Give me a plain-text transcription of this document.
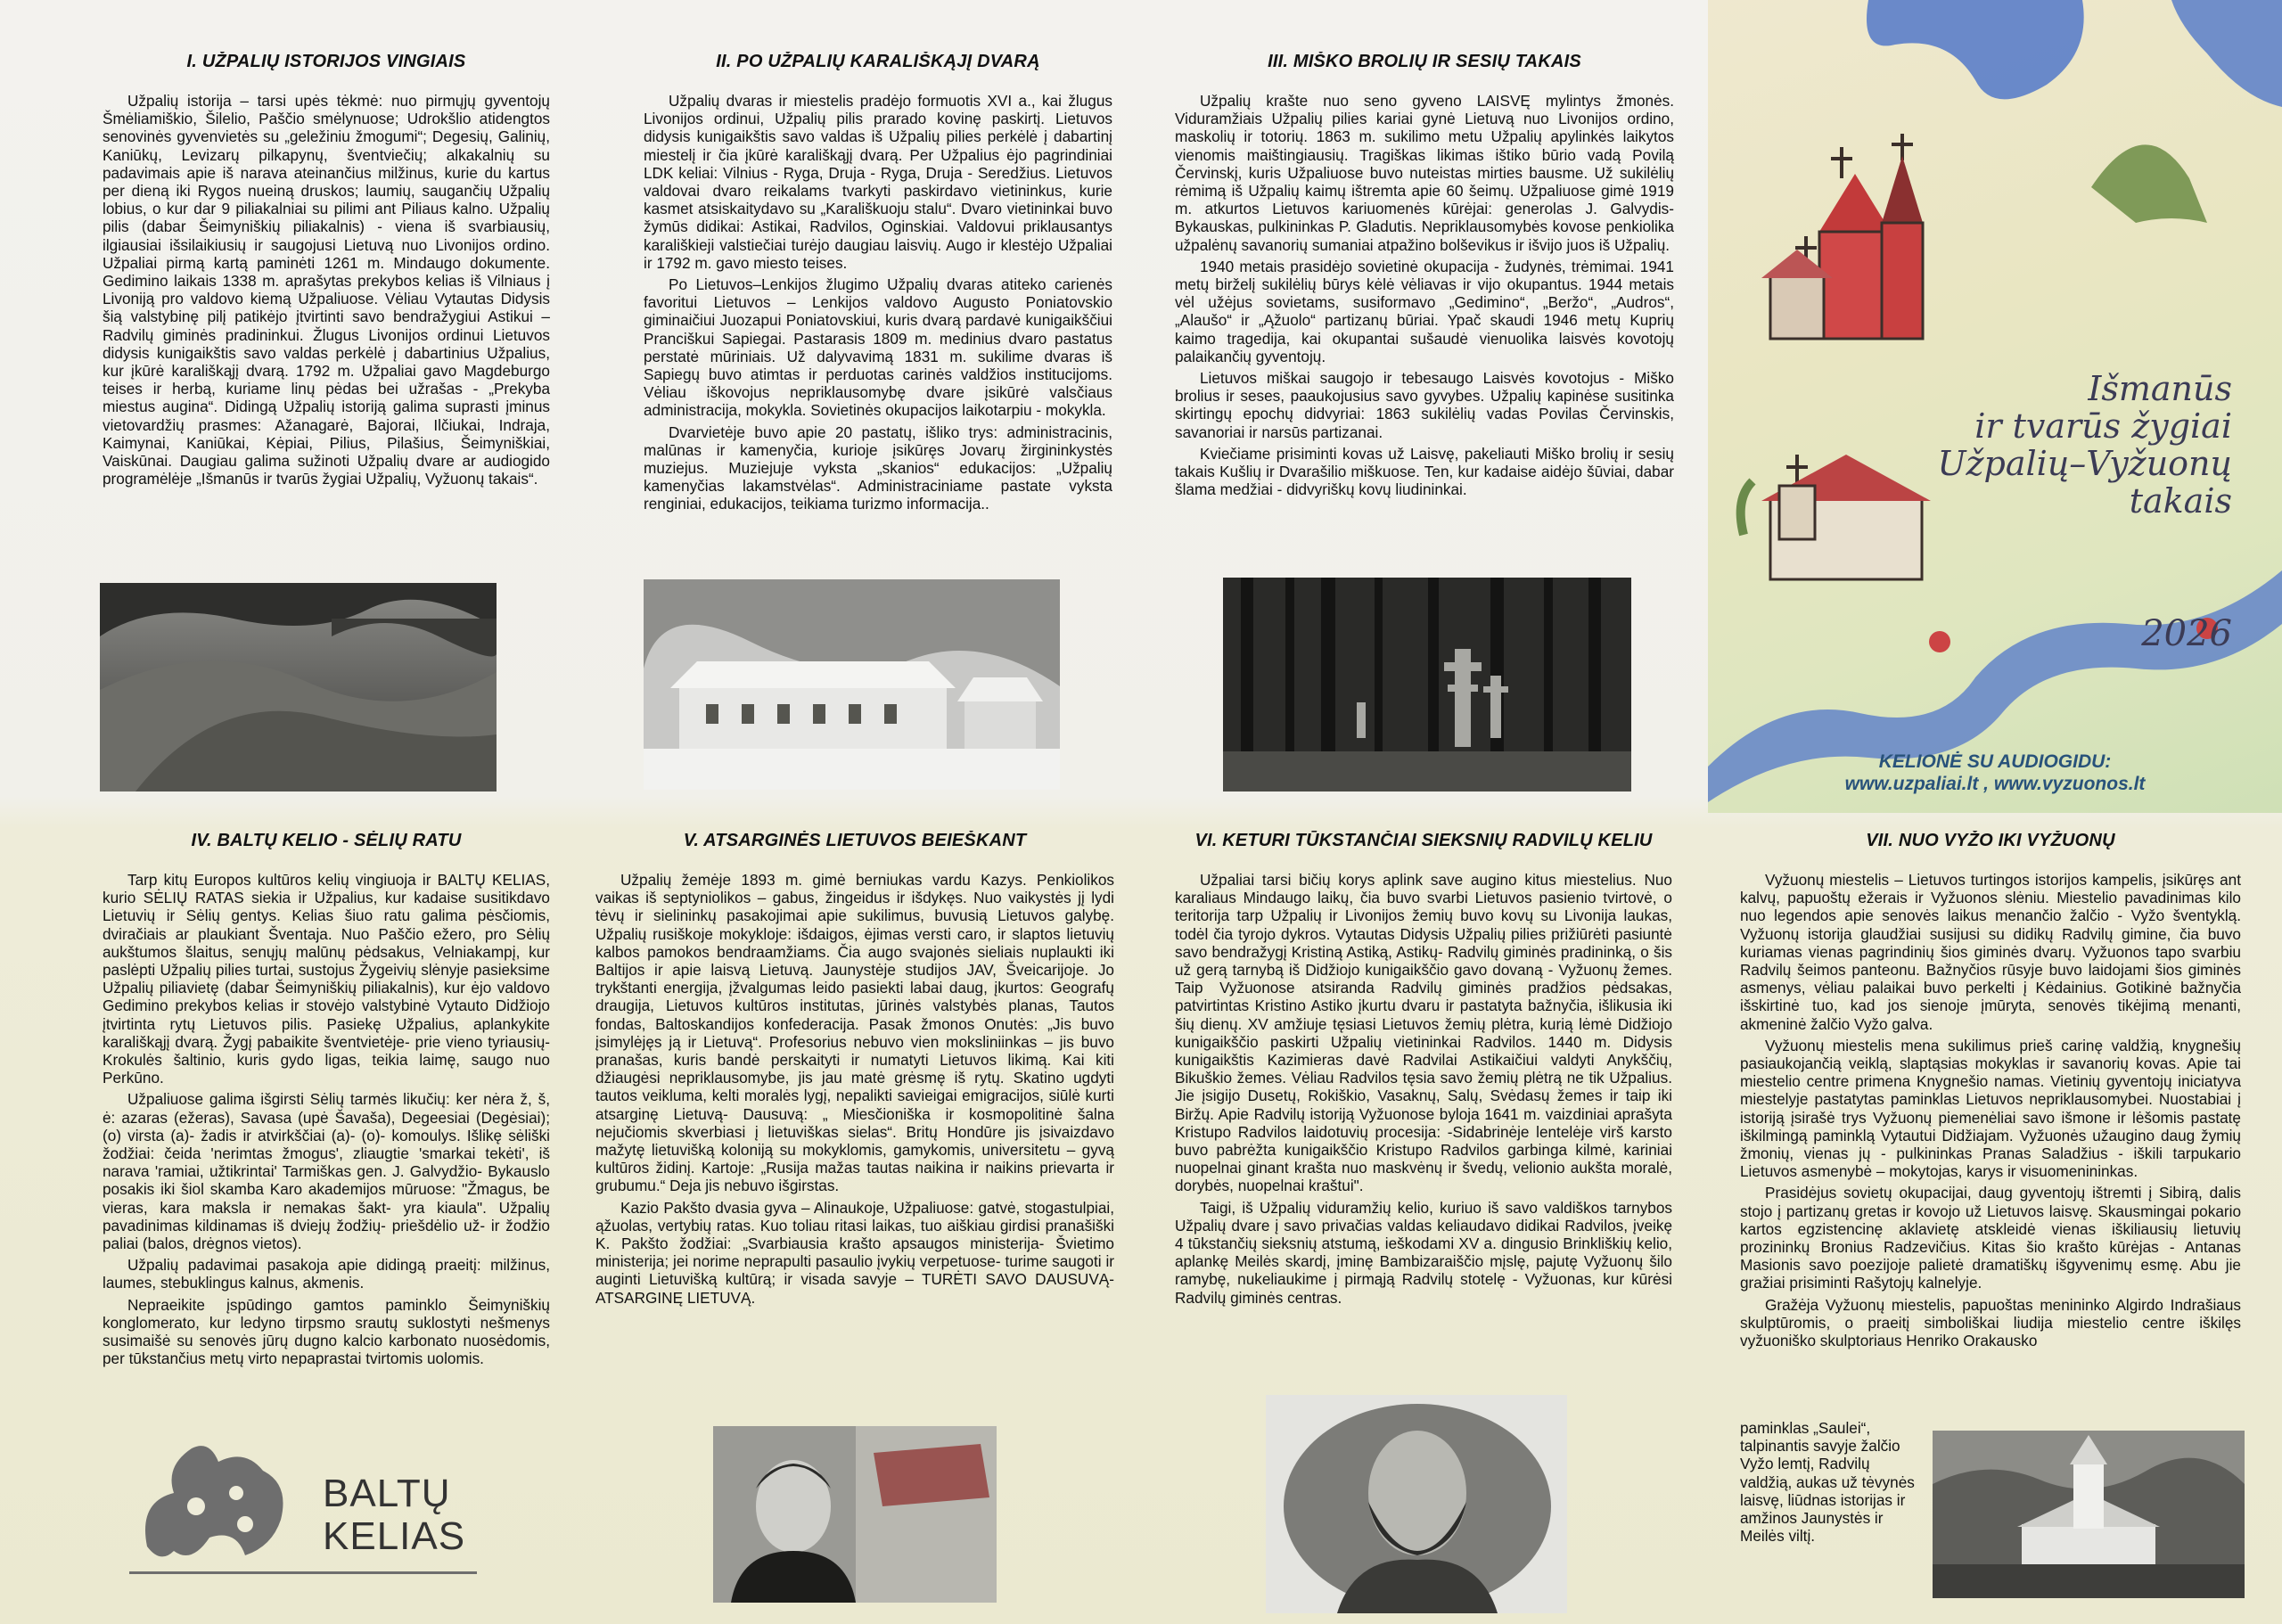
I. UŽPALIŲ ISTORIJOS VINGIAIS

Užpalių istorija – tarsi upės tėkmė: nuo pirmųjų gyventojų Šmėliamiškio, Šilelio, Paščio smėlynuose; Udrokšlio atidengtos senovinės gyvenvietės su „geležiniu žmogumi“; Degesių, Galinių, Kaniūkų, Levizarų pilkapynų, šventviečių; alkakalnių su padavimais apie iš narava ateinančius milžinus, kurie du kartus per dieną iki Rygos nueiną druskos; laumių, saugančių Užpalių lobius, o kur dar 9 piliakalniai su pilimi ant Piliaus kalno. Užpalių pilis (dabar Šeimyniškių piliakalnis) - viena iš svarbiausių, ilgiausiai išsilaikiusių ir saugojusi Lietuvą nuo Livonijos ordino. Užpaliai pirmą kartą paminėti 1261 m. Mindaugo dokumente. Gedimino laikais 1338 m. aprašytas prekybos kelias iš Vilniaus į Livoniją pro valdovo kiemą Užpaliuose. Vėliau Vytautas Didysis šią valstybinę pilį patikėjo įtvirtinti savo bendražygiui Astikui – Radvilų giminės pradininkui. Žlugus Livonijos ordinui Lietuvos didysis kunigaikštis savo valdas perkėlė į dabartinius Užpalius, kur įkūrė karališkąjį dvarą. 1792 m. Užpaliai gavo Magdeburgo teises ir herbą, kuriame linų pėdas bei užrašas - „Prekyba miestus augina“. Didingą Užpalių istoriją galima suprasti įminus vietovardžių prasmes: Ažanagarė, Bajorai, Ilčiukai, Indraja, Kaimynai, Kaniūkai, Kėpiai, Pilius, Pilašius, Šeimyniškiai, Vaiskūnai. Daugiau galima sužinoti Užpalių dvare ar audiogido programėlėje „Išmanūs ir tvarūs žygiai Užpalių, Vyžuonų takais“.

II. PO UŽPALIŲ KARALIŠKĄJĮ DVARĄ

Užpalių dvaras ir miestelis pradėjo formuotis XVI a., kai žlugus Livonijos ordinui, Užpalių pilis prarado kovinę paskirtį. Lietuvos didysis kunigaikštis savo valdas iš Užpalių pilies perkėlė į dabartinį miestelį ir čia įkūrė karališkąjį dvarą. Per Užpalius ėjo pagrindiniai LDK keliai: Vilnius - Ryga, Druja - Ryga, Druja - Seredžius. Lietuvos valdovai dvaro reikalams tvarkyti paskirdavo vietininkus, kurie kasmet atsiskaitydavo su „Karališkuoju stalu“. Dvaro vietininkai buvo žymūs didikai: Astikai, Radvilos, Oginskiai. Valdovui priklausantys karališkieji valstiečiai turėjo daugiau laisvių. Augo ir klestėjo Užpaliai ir 1792 m. gavo miesto teises.

Po Lietuvos–Lenkijos žlugimo Užpalių dvaras atiteko carienės favoritui Lietuvos – Lenkijos valdovo Augusto Poniatovskio giminaičiui Juozapui Poniatovskiui, kuris dvarą pardavė kunigaikščiui Pranciškui Sapiegai. Pastarasis 1809 m. medinius dvaro pastatus perstatė mūriniais. Už dalyvavimą 1831 m. sukilime dvaras iš Sapiegų buvo atimtas ir perduotas carinės valdžios institucijoms. Vėliau iškovojus nepriklausomybę dvare įsikūrė valsčiaus administracija, mokykla. Sovietinės okupacijos laikotarpiu - mokykla.

Dvarvietėje buvo apie 20 pastatų, išliko trys: administracinis, malūnas ir kamenyčia, kurioje įsikūręs Jovarų žirgininkystės muziejus. Muziejuje vyksta „skanios“ edukacijos: „Užpalių kamenyčias lakamstvėlas“. Administraciniame pastate vyksta renginiai, edukacijos, teikiama turizmo informacija..

III. MIŠKO BROLIŲ IR SESIŲ TAKAIS

Užpalių krašte nuo seno gyveno LAISVĘ mylintys žmonės. Viduramžiais Užpalių pilies kariai gynė Lietuvą nuo Livonijos ordino, maskolių ir totorių. 1863 m. sukilimo metu Užpalių apylinkės laikytos vienomis maištingiausių. Tragiškas likimas ištiko būrio vadą Povilą Červinskį, kuris Užpaliuose buvo nuteistas mirties bausme. Už sukilėlių rėmimą iš Užpalių kaimų ištremta apie 60 šeimų. Užpaliuose gimė 1919 m. atkurtos Lietuvos kariuomenės kūrėjai: generolas J. Galvydis-Bykauskas, pulkininkas P. Gladutis. Nepriklausomybės kovose penkiolika užpalėnų savanorių sumaniai atpažino bolševikus ir išvijo juos iš Užpalių.

1940 metais prasidėjo sovietinė okupacija - žudynės, trėmimai. 1941 metų birželį sukilėlių būrys kėlė vėliavas ir vijo okupantus. 1944 metais vėl užėjus sovietams, susiformavo „Gedimino“, „Beržo“, „Audros“, „Alaušo“ ir „Ąžuolo“ partizanų būriai. Ypač skaudi 1946 metų Kuprių kaimo tragedija, kai okupantai sušaudė vienuolika laisvės kovotojų palaikančių gyventojų.

Lietuvos miškai saugojo ir tebesaugo Laisvės kovotojus - Miško brolius ir seses, paaukojusius savo gyvybes. Užpalių kapinėse susitinka skirtingų epochų didvyriai: 1863 sukilėlių vadas Povilas Červinskis, savanoriai ir narsūs partizanai.

Kviečiame prisiminti kovas už Laisvę, pakeliauti Miško brolių ir sesių takais Kušlių ir Dvarašilio miškuose. Ten, kur kadaise aidėjo šūviai, dabar šlama medžiai - didvyriškų kovų liudininkai.

Išmanūs
ir tvarūs žygiai
Užpalių–Vyžuonų
takais
2026
KELIONĖ SU AUDIOGIDU:
www.uzpaliai.lt , www.vyzuonos.lt
IV. BALTŲ KELIO - SĖLIŲ RATU

Tarp kitų Europos kultūros kelių vingiuoja ir BALTŲ KELIAS, kurio SĖLIŲ RATAS siekia ir Užpalius, kur kadaise susitikdavo Lietuvių ir Sėlių gentys. Kelias šiuo ratu galima pėsčiomis, dviračiais ar plaukiant Šventaja. Nuo Paščio ežero, pro Sėlių aukštumos šlaitus, senųjų malūnų pėdsakus, Velniakampį, kur paslėpti Užpalių pilies turtai, sustojus Žygeivių slėnyje pasieksime Užpalių piliavietę (dabar Šeimyniškių piliakalnis), kur ėjo valdovo Gedimino prekybos kelias ir stovėjo valstybinė Vytauto Didžiojo įtvirtinta rytų Lietuvos pilis. Pasiekę Užpalius, aplankykite karališkąjį dvarą. Žygį pabaikite šventvietėje- prie vieno tyriausių- Krokulės šaltinio, kuris gydo ligas, teikia laimę, saugo nuo Perkūno.

Užpaliuose galima išgirsti Sėlių tarmės likučių: ker nėra ž, š, ė: azaras (ežeras), Savasa (upė Šavaša), Degeesiai (Degėsiai); (o) virsta (a)- žadis ir atvirkščiai (a)- (o)- komoulys. Išlikę sėliški žodžiai: čeida 'nerimtas žmogus', zliaugtie 'smarkai tekėti', iš narava 'ramiai, užtikrintai' Tarmiškas gen. J. Galvydžio- Bykauslo posakis iki šiol skamba Karo akademijos mūruose: "Žmagus, be vieras, kara maksla ir nemakas šakt- yra kiaula". Užpalių pavadinimas kildinamas iš dviejų žodžių- priešdėlio už- ir žodžio paliai (balos, drėgnos vietos).

Užpalių padavimai pasakoja apie didingą praeitį: milžinus, laumes, stebuklingus kalnus, akmenis.

Nepraeikite įspūdingo gamtos paminklo Šeimyniškių konglomerato, kur ledyno tirpsmo srautų suklostyti nešmenys susimaišė su senovės jūrų dugno kalcio karbonato nuosėdomis, per tūkstančius metų virto nepaprastai tvirtomis uolomis.

BALTŲ
KELIAS
V. ATSARGINĖS LIETUVOS BEIEŠKANT

Užpalių žemėje 1893 m. gimė berniukas vardu Kazys. Penkiolikos vaikas iš septyniolikos – gabus, žingeidus ir išdykęs. Nuo vaikystės jį lydi tėvų ir sielininkų pasakojimai apie sukilimus, buvusią Lietuvos galybę. Užpalių rusiškoje mokykloje: išdaigos, ėjimas versti caro, ir slaptos lietuvių kalbos pamokos bendraamžiams. Čia augo svajonės sieliais nuplaukti iki Baltijos ir apie laisvą Lietuvą. Jaunystėje studijos JAV, Šveicarijoje. Jo trykštanti energija, įžvalgumas leido pasiekti labai daug, įkurtos: Geografų draugija, Lietuvos kultūros institutas, jūrinės valstybės planas, Tautos fondas, Baltoskandijos konfederacija. Pasak žmonos Onutės: „Jis buvo įsimylėjęs ją ir Lietuvą“. Profesorius nebuvo vien moksliniinkas – jis buvo pranašas, kuris bandė perskaityti ir numatyti Lietuvos likimą. Kai kiti džiaugėsi nepriklausomybe, jis jau matė grėsmę iš rytų. Skatino ugdyti tautos veikluma, kelti moralės lygį, nepalikti savieigai emigracijos, siūlė kurti atsarginę Lietuvą- Dausuvą: „ Miesčioniška ir kosmopolitinė šalna nejučiomis skverbiasi į lietuviškas sielas“. Britų Hondūre jis įsivaizdavo mažytę lietuvišką koloniją su mokyklomis, gamykomis, universitetu – gyvą kultūros židinį. Kartoje: „Rusija mažas tautas naikina ir naikins prievarta ir grubumu.“ Deja jis nebuvo išgirstas.

Kazio Pakšto dvasia gyva – Alinaukoje, Užpaliuose: gatvė, stogastulpiai, ąžuolas, vertybių ratas. Kuo toliau ritasi laikas, tuo aiškiau girdisi pranašiški K. Pakšto žodžiai: „Svarbiausia krašto apsaugos ministerija- Švietimo ministerija; jei norime neprapulti pasaulio įvykių verpetuose- turime saugoti ir auginti Lietuvišką kultūrą; ir visada savyje – TURĖTI SAVO DAUSUVĄ- ATSARGINĘ LIETUVĄ.

VI. KETURI TŪKSTANČIAI SIEKSNIŲ RADVILŲ KELIU

Užpaliai tarsi bičių korys aplink save augino kitus miestelius. Nuo karaliaus Mindaugo laikų, čia buvo svarbi Lietuvos pasienio tvirtovė, o teritorija tarp Užpalių ir Livonijos žemių buvo kovų su Livonija laukas, todėl čia tyrojo dykros. Vytautas Didysis Užpalių pilies prižiūrėti pasiuntė savo bendražygį Kristiną Astiką, Astikų- Radvilų giminės pradininką, o šis už gerą tarnybą iš Didžiojo kunigaikščio gavo dovaną - Vyžuonų žemes. Taip Vyžuonose atsiranda Radvilų giminės pradžios pėdsakas, patvirtintas Kristino Astiko įkurtu dvaru ir pastatyta bažnyčia, išlikusia iki šių dienų. XV amžiuje tęsiasi Lietuvos žemių plėtra, kurią lėmė Didžiojo kunigaikščio paskirti Užpalių vietininkai Radvilos. 1440 m. Didysis kunigaikštis Kazimieras davė Radvilai Astikaičiui valdyti Anykščių, Bikuškio žemes. Vėliau Radvilos tęsia savo žemių plėtrą ne tik Užpalius. Jie įsigijo Dusetų, Rokiškio, Vasaknų, Salų, Svėdasų žemes ir taip iki Biržų. Apie Radvilų istoriją Vyžuonose byloja 1641 m. vaizdiniai aprašyta Kristupo Radvilos laidotuvių procesija: -Sidabrinėje lentelėje virš karsto buvo pabrėžta kunigaikščio Kristupo Radvilos garbinga kilmė, kariniai nuopelnai ginant krašta nuo maskvėnų ir švedų, velionio aukšta moralė, dorybės, nuopelnai kraštui".

Taigi, iš Užpalių viduramžių kelio, kuriuo iš savo valdiškos tarnybos Užpalių dvare į savo privačias valdas keliaudavo didikai Radvilos, įveikę 4 tūkstančių sieksnių atstumą, ieškodami XV a. dingusio Brinkliškių kelio, aplankę Meilės skardį, įminę Bambizaraiščio mįslę, pajutę Vyžuonų šilo ramybę, nukeliaukime į pirmąją Radvilų stotelę - Vyžuonas, kur kūrėsi Radvilų giminės centras.

VII. NUO VYŽO IKI VYŽUONŲ

Vyžuonų miestelis – Lietuvos turtingos istorijos kampelis, įsikūręs ant kalvų, papuoštų ežerais ir Vyžuonos slėniu. Miestelio pavadinimas kilo nuo legendos apie senovės laikus menančio žalčio - Vyžo šventyklą. Vyžuonų istorija glaudžiai susijusi su didikų Radvilų gimine, čia buvo kuriamas vienas pagrindinių šios giminės dvarų. Vyžuonos tapo svarbiu Radvilų šeimos panteonu. Bažnyčios rūsyje buvo laidojami šios giminės asmenys, vėliau palaikai buvo perkelti į Kėdainius. Gotikinė bažnyčia išskirtinė tuo, kad jos sienoje įmūryta, senovės tikėjimą menanti, akmeninė žalčio Vyžo galva.

Vyžuonų miestelis mena sukilimus prieš carinę valdžią, knygnešių pasiaukojančią veiklą, slaptąsias mokyklas ir savanorių kovas. Apie tai miestelio centre primena Knygnešio namas. Vietinių gyventojų iniciatyva miestelyje pastatytas paminklas Lietuvos nepriklausomybei. Nuostabiai į istoriją įsirašė trys Vyžuonų piemenėliai savo išmone ir lėšomis pastatę iškilmingą paminklą Vytautui Didžiajam. Vyžuonės užaugino daug žymių žmonių, vienas jų - pulkininkas Pranas Saladžius - iškili tarpukario Lietuvos asmenybė – mokytojas, karys ir visuomenininkas.

Prasidėjus sovietų okupacijai, daug gyventojų ištremti į Sibirą, dalis stojo į partizanų gretas ir kovojo už Lietuvos laisvę. Skausmingai pokario kartos egzistencinę aklavietę atskleidė vienas iškiliausių lietuvių prozininkų Bronius Radzevičius. Kitas šio krašto kūrėjas - Antanas Masionis savo poezijoje palietė dramatiškų išgyvenimų esmę. Abu jie gražiai prisiminti Rašytojų kalnelyje.

Gražėja Vyžuonų miestelis, papuoštas menininko Algirdo Indrašiaus skulptūromis, o praeitį simboliškai liudija miestelio centre iškilęs vyžuoniško skulptoriaus Henriko Orakausko

paminklas „Saulei“, talpinantis savyje žalčio Vyžo lemtį, Radvilų valdžią, aukas už tėvynės laisvę, liūdnas istorijas ir amžinos Jaunystės ir Meilės viltį.
